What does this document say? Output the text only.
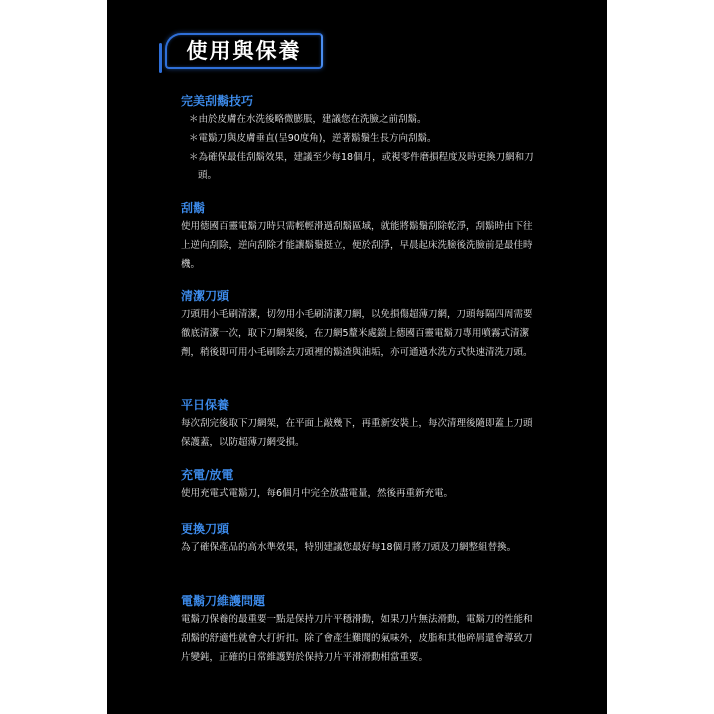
使用與保養
完美刮鬍技巧

＊由於皮膚在水洗後略微膨脹，建議您在洗臉之前刮鬍。

＊電鬍刀與皮膚垂直(呈90度角)，逆著鬍鬚生長方向刮鬍。

＊為確保最佳刮鬍效果，建議至少每18個月，或視零件磨損程度及時更換刀網和刀頭。

刮鬍

使用德國百靈電鬍刀時只需輕輕滑過刮鬍區域，就能將鬍鬚刮除乾淨，刮鬍時由下往上逆向刮除，逆向刮除才能讓鬍鬚挺立，便於刮淨，早晨起床洗臉後洗臉前是最佳時機。

清潔刀頭

刀頭用小毛刷清潔，切勿用小毛刷清潔刀網，以免損傷超薄刀網，刀頭每隔四周需要徹底清潔一次，取下刀網架後，在刀網5釐米處鎖上德國百靈電鬍刀專用噴霧式清潔劑，稍後即可用小毛刷除去刀頭裡的鬍渣與油垢，亦可通過水洗方式快速清洗刀頭。

平日保養

每次刮完後取下刀網架，在平面上敲幾下，再重新安裝上，每次清理後隨即蓋上刀頭保護蓋，以防超薄刀網受損。

充電/放電

使用充電式電鬍刀，每6個月中完全放盡電量，然後再重新充電。

更換刀頭

為了確保產品的高水準效果，特別建議您最好每18個月將刀頭及刀網整組替換。

電鬍刀維護問題

電鬍刀保養的最重要一點是保持刀片平穩滑動，如果刀片無法滑動，電鬍刀的性能和刮鬍的舒適性就會大打折扣。除了會產生難聞的氣味外，皮脂和其他碎屑還會導致刀片變鈍，正確的日常維護對於保持刀片平滑滑動相當重要。
